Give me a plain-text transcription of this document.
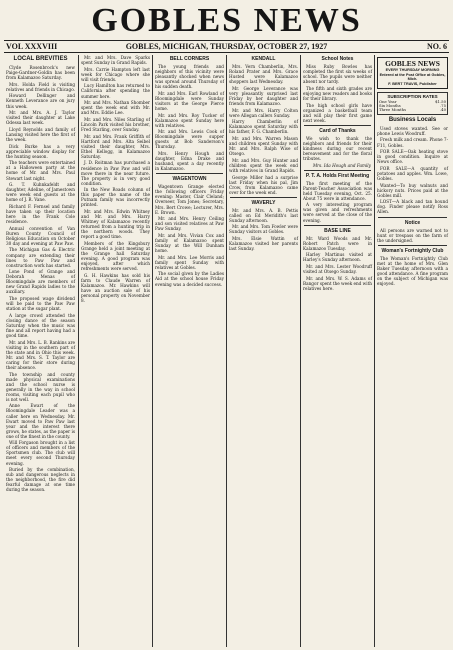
GOBLES NEWS
VOL XXXVIII	GOBLES, MICHIGAN, THURSDAY, OCTOBER 27, 1927	NO. 6
LOCAL BREVITIES

Clyde Rosenbrock's new Paige-Gardner-Goldin has been from Kalamazoo Saturday.

Mrs. Holda Field is visiting relatives and friends in Chicago.

Howard Dellinger and Kenneth Leverance are on jury this week.

Mr. and Mrs. A. J. Taylor visited their daughter at Lake Odessa last week.

Lloyd Reynolds and family of Lansing visited here the first of the week.

Dick Burke has a very appreciable window display for the hunting season.

The teachers were entertained at a Halloween party at the home of Mr. and Mrs. Paul Stewart last night.

G. T. Kuhnkafeldt and daughter, Adeline, of Jamestown were week end guests at the home of J. R. Vane.

Richard F. Fernsel and family have taken up their location here in the Frank Cole residence.

Annual convention of Van Buren County Council of Religious Education on October 30 day and evening at Paw Paw.

The Michigan Gas & Electric company are extending their lines to Paw Paw and construction work has started.

Lone Pond of Grange and Deborah Menas of Bloomingdale are members of new Grand Rapids ladies to the auxiliary.

The proposed wage dividend will be paid to the Paw Paw station at the sugar plant.

A large crowd attended the closing dance of the season Saturday when the music was fine and all report having had a good time.

Mr. and Mrs. L. B. Rankins are visiting in the southern part of the state and in Ohio this week. Mr. and Mrs. S. T. Taylor are caring for their store during their absence.

The township and county made physical examinations and the school nurse is generally in the way in school rooms, visiting each pupil who is not well.

Anne Ewart of the Bloomingdale Leader was a caller here on Wednesday. Mr. Ewart moved to Paw Paw last year and the interest there grows, he states, as the paper is one of the finest in the county.

Will Forgason brought in a list of officers and members of the Sportsmen club. The club will meet every second Thursday evening.

Buried by the combination, sub and dangerous neglects in the neighborhood, the fire did fearful damage at one time during the season.

Mr. and Mrs. Dave Sparks spent Sunday in Grand Rapids.

Mrs. Carrie Hampton left last week for Chicago where she will visit friends.

Lucy Hamilton has returned to California after spending the summer here.

Mr. and Mrs. Nathan Shomber spent the week end with Mr. and Mrs. Eddie Lee.

Mr. and Mrs. Niles Starling of Lincoln Park visited his brother, Fred Starling, over Sunday.

Mr. and Mrs. Frank Griffith of Hartford and Mrs. Alta Seibel visited their daughter, Mrs. Ethel Kellogg, in Kalamazoo Saturday.

J. D. Roitman has purchased a residence in Paw Paw and will move there in the near future. The property is in very good condition.

In the New Roads column of this paper the name of the Putnam family was incorrectly printed.

Mr. and Mrs. Edwin Whitney and Mr. and Mrs. Harry Whitney of Kalamazoo recently returned from a hunting trip in the northern woods. They report a good time.

Members of the Kingsbury Grange held a joint meeting at the Grange hall Saturday evening. A good program was enjoyed, after which refreshments were served.

G. H. Hawkins has sold his farm to Claude Warren of Kalamazoo. Mr. Hawkins will have an auction sale of his personal property on November 8.

BELL CORNERS

The young friends and neighbors of this vicinity were pleasantly shocked when news was spread around Thursday of his sudden death.

Mr. and Mrs. Earl Rowland of Bloomingdale were Sunday visitors at the George Pierce home.

Mr. and Mrs. Roy Tucker of Kalamazoo spent Sunday here with relatives.

Mr. and Mrs. Lewis Cook of Bloomingdale were supper guests at Bob Sanderson's Thursday.

Mrs. Henry Hough and daughter, Edna Drake and husband, spent a day recently in Kalamazoo.

WAGENTOWN

Wagentown Grange elected the following officers Friday evening: Master, Clair Cleland; Overseer, Tom Jones; Secretary, Mrs. Bert Crowe; Lecturer, Mrs. E. Brown.

Mr. and Mrs. Henry Ceiling and son visited relatives at Paw Paw Sunday.

Mr. and Mrs. Vivian Cox and family of Kalamazoo spent Sunday at the Will Dunham home.

Mr. and Mrs. Lee Morris and family spent Sunday with relatives at Gobles.

The social given by the Ladies Aid at the school house Friday evening was a decided success.

KENDALL

Mrs. Vern Chamberlin, Mrs. Roland Prater and Mrs. Grace Husted were Kalamazoo shoppers last Wednesday.

Mr. George Leverance was very pleasantly surprised last Friday by her daughter and friends from Kalamazoo.

Mr. and Mrs. Harry Colton were Allegan callers Sunday.

Harry Chamberlin of Kalamazoo spent Saturday with his father, F. G. Chamberlin.

Mr. and Mrs. Warren Mason and children spent Sunday with Mr. and Mrs. Ralph Wise of Otsego.

Mr. and Mrs. Guy Hunter and children spent the week end with relatives in Grand Rapids.

George Miller had a surprise last Friday when his pal, Jim Crow, from Kalamazoo came over for the week end.

WAVERLY

Mr. and Mrs. A. B. Pettis called on Ed Meridith's last Sunday afternoon.

Mr. and Mrs. Tom Fowler were Sunday visitors at Gobles.

Mrs. Elsie Wattin of Kalamazoo visited her parents last Sunday.

School Notes

Miss Ruby Bowles has completed the first six weeks of school. The pupils were neither absent nor tardy.

The fifth and sixth grades are enjoying new readers and books for their library.

The high school girls have organized a basketball team and will play their first game next week.

Card of Thanks

We wish to thank the neighbors and friends for their kindness during our recent bereavement and for the floral tributes.

Mrs. Ida Hough and Family
P. T. A. Holds First Meeting

The first meeting of the Parent-Teacher Association was held Tuesday evening, Oct. 25. About 75 were in attendance.

A very interesting program was given and refreshments were served at the close of the evening.

BASE LINE

Mr. Ward Woods and Mr. Robert Patch were in Kalamazoo Tuesday.

Harley Martinus visited at Harley's Sunday afternoon.

Mr. and Mrs. Lester Woodruff visited at Otsego Sunday.

Mr. and Mrs. W. S. Adams of Bangor spent the week end with relatives here.

GOBLES NEWS
EVERY THURSDAY MORNING
Entered at the Post Office at Gobles, Mich.
F. BERT TRAVIS, Publisher
SUBSCRIPTION RATES
One Year	$1.50
Six Months	.75
Three Months	.40
Business Locals

Used stoves wanted. See or phone Lewis Woodruff.

Fresh milk and cream. Phone 7-F11, Gobles.

FOR SALE—Oak heating stove in good condition. Inquire at News office.

FOR SALE—A quantity of potatoes and apples. Wm. Lowe, Gobles.

Wanted—To buy walnuts and hickory nuts. Prices paid at the Gobles mill.

LOST—A black and tan hound dog. Finder please notify Ross Allen.

Notice

All persons are warned not to hunt or trespass on the farm of the undersigned.

Woman's Fortnightly Club

The Woman's Fortnightly Club met at the home of Mrs. Glen Baker Tuesday afternoon with a good attendance. A fine program on the subject of Michigan was enjoyed.
